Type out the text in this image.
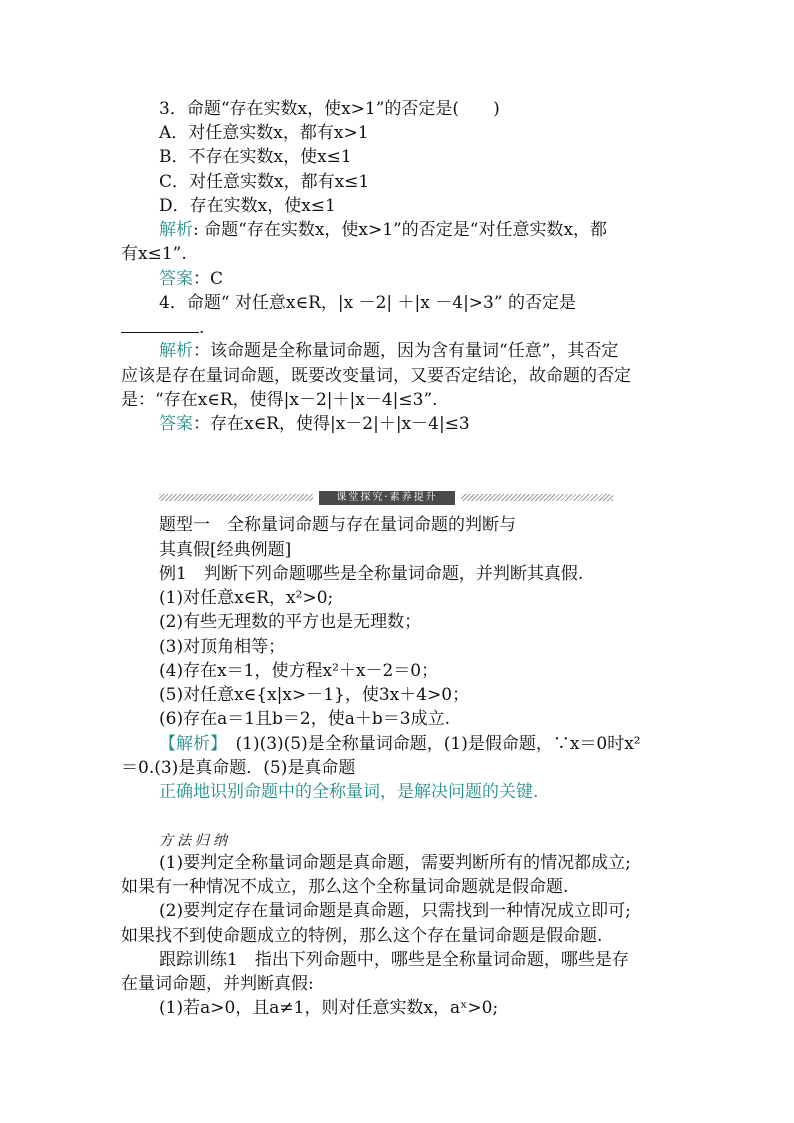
3．命题“存在实数x，使x>1”的否定是(　　)
A．对任意实数x，都有x>1
B．不存在实数x，使x≤1
C．对任意实数x，都有x≤1
D．存在实数x，使x≤1
解析: 命题“存在实数x，使x>1”的否定是“对任意实数x，都
有x≤1”.
答案：C
4．命题“ 对任意x∈R，|x －2| ＋|x －4|>3” 的否定是
.
解析：该命题是全称量词命题，因为含有量词“任意”，其否定
应该是存在量词命题，既要改变量词，又要否定结论，故命题的否定
是：“存在x∈R，使得|x－2|＋|x－4|≤3”.
答案：存在x∈R，使得|x－2|＋|x－4|≤3
课堂探究·素养提升
题型一　全称量词命题与存在量词命题的判断与
其真假[经典例题]
例1　判断下列命题哪些是全称量词命题，并判断其真假.
(1)对任意x∈R，x²>0;
(2)有些无理数的平方也是无理数；
(3)对顶角相等；
(4)存在x＝1，使方程x²＋x－2＝0；
(5)对任意x∈{x|x>－1}，使3x＋4>0；
(6)存在a＝1且b＝2，使a＋b＝3成立.
【解析】　(1)(3)(5)是全称量词命题，(1)是假命题，∵x＝0时x²
＝0.(3)是真命题．(5)是真命题
正确地识别命题中的全称量词，是解决问题的关键.
方法归纳
(1)要判定全称量词命题是真命题，需要判断所有的情况都成立;
如果有一种情况不成立，那么这个全称量词命题就是假命题.
(2)要判定存在量词命题是真命题，只需找到一种情况成立即可;
如果找不到使命题成立的特例，那么这个存在量词命题是假命题.
跟踪训练1　指出下列命题中，哪些是全称量词命题，哪些是存
在量词命题，并判断真假:
(1)若a>0，且a≠1，则对任意实数x，aˣ>0;
